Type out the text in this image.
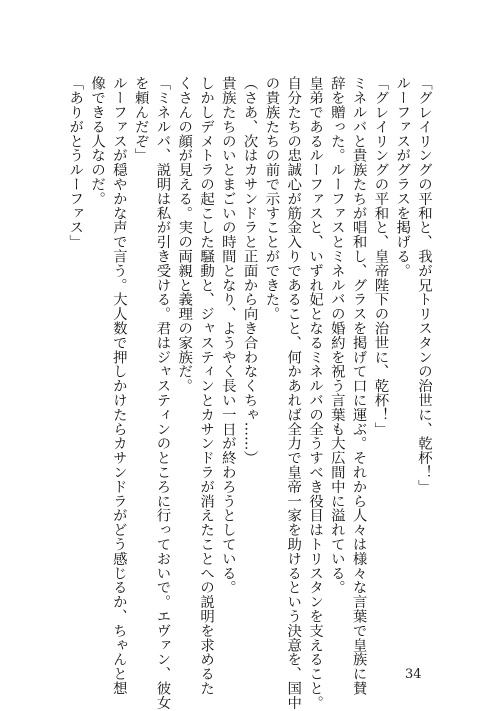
「グレイリングの平和と、我が兄トリスタンの治世に、乾杯！」
ルーファスがグラスを掲げる。
「グレイリングの平和と、皇帝陛下の治世に、乾杯！」
ミネルバと貴族たちが唱和し、グラスを掲げて口に運ぶ。それから人々は様々な言葉で皇族に賛
辞を贈った。ルーファスとミネルバの婚約を祝う言葉も大広間中に溢れている。
皇弟であるルーファスと、いずれ妃となるミネルバの全うすべき役目はトリスタンを支えること。
自分たちの忠誠心が筋金入りであること、何かあれば全力で皇帝一家を助けるという決意を、国中
の貴族たちの前で示すことができた。
（さあ、次はカサンドラと正面から向き合わなくちゃ……）
貴族たちのいとまごいの時間となり、ようやく長い一日が終わろうとしている。
しかしデメトラの起こした騒動と、ジャスティンとカサンドラが消えたことへの説明を求めるた
くさんの顔が見える。実の両親と義理の家族だ。
「ミネルバ、説明は私が引き受ける。君はジャスティンのところに行っておいで。エヴァン、彼女
を頼んだぞ」
ルーファスが穏やかな声で言う。大人数で押しかけたらカサンドラがどう感じるか、ちゃんと想
像できる人なのだ。
「ありがとうルーファス」
34
